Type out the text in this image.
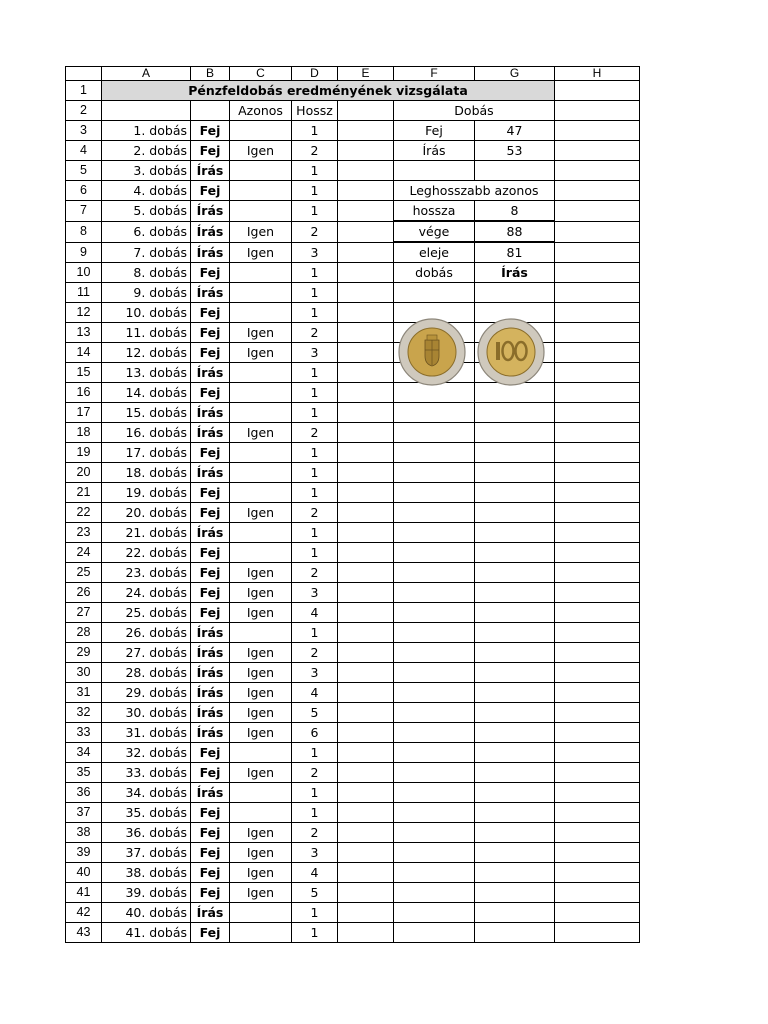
	A	B	C	D	E	F	G	H
1	Pénzfeldobás eredményének vizsgálata							
2			Azonos	Hossz		Dobás		
3	1. dobás	Fej		1		Fej	47	
4	2. dobás	Fej	Igen	2		Írás	53	
5	3. dobás	Írás		1				
6	4. dobás	Fej		1		Leghosszabb azonos		
7	5. dobás	Írás		1		hossza	8	
8	6. dobás	Írás	Igen	2		vége	88	
9	7. dobás	Írás	Igen	3		eleje	81	
10	8. dobás	Fej		1		dobás	Írás	
11	9. dobás	Írás		1				
12	10. dobás	Fej		1				
13	11. dobás	Fej	Igen	2				
14	12. dobás	Fej	Igen	3				
15	13. dobás	Írás		1				
16	14. dobás	Fej		1				
17	15. dobás	Írás		1				
18	16. dobás	Írás	Igen	2				
19	17. dobás	Fej		1				
20	18. dobás	Írás		1				
21	19. dobás	Fej		1				
22	20. dobás	Fej	Igen	2				
23	21. dobás	Írás		1				
24	22. dobás	Fej		1				
25	23. dobás	Fej	Igen	2				
26	24. dobás	Fej	Igen	3				
27	25. dobás	Fej	Igen	4				
28	26. dobás	Írás		1				
29	27. dobás	Írás	Igen	2				
30	28. dobás	Írás	Igen	3				
31	29. dobás	Írás	Igen	4				
32	30. dobás	Írás	Igen	5				
33	31. dobás	Írás	Igen	6				
34	32. dobás	Fej		1				
35	33. dobás	Fej	Igen	2				
36	34. dobás	Írás		1				
37	35. dobás	Fej		1				
38	36. dobás	Fej	Igen	2				
39	37. dobás	Fej	Igen	3				
40	38. dobás	Fej	Igen	4				
41	39. dobás	Fej	Igen	5				
42	40. dobás	Írás		1				
43	41. dobás	Fej		1				
